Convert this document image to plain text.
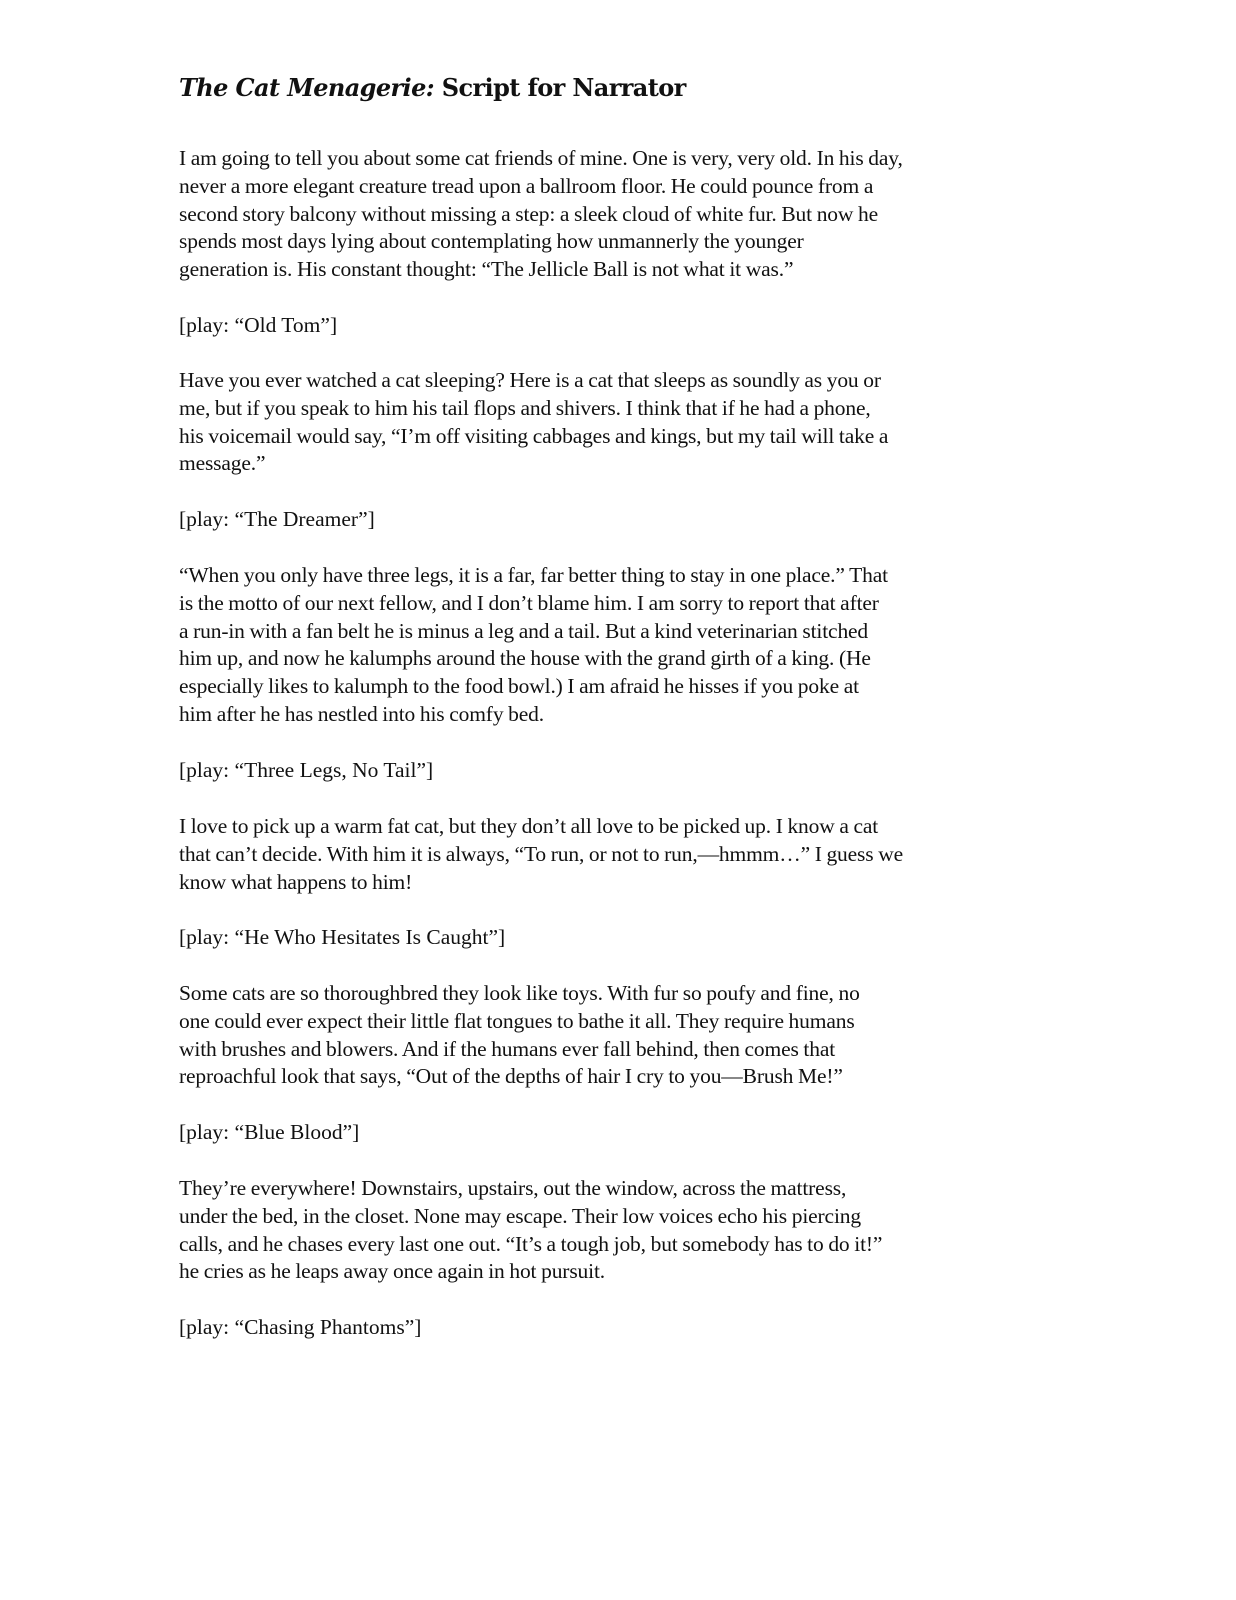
The Cat Menagerie: Script for Narrator
I am going to tell you about some cat friends of mine. One is very, very old. In his day,
never a more elegant creature tread upon a ballroom floor. He could pounce from a
second story balcony without missing a step: a sleek cloud of white fur. But now he
spends most days lying about contemplating how unmannerly the younger
generation is. His constant thought: “The Jellicle Ball is not what it was.”
[play: “Old Tom”]
Have you ever watched a cat sleeping? Here is a cat that sleeps as soundly as you or
me, but if you speak to him his tail flops and shivers. I think that if he had a phone,
his voicemail would say, “I’m off visiting cabbages and kings, but my tail will take a
message.”
[play: “The Dreamer”]
“When you only have three legs, it is a far, far better thing to stay in one place.” That
is the motto of our next fellow, and I don’t blame him. I am sorry to report that after
a run-in with a fan belt he is minus a leg and a tail. But a kind veterinarian stitched
him up, and now he kalumphs around the house with the grand girth of a king. (He
especially likes to kalumph to the food bowl.) I am afraid he hisses if you poke at
him after he has nestled into his comfy bed.
[play: “Three Legs, No Tail”]
I love to pick up a warm fat cat, but they don’t all love to be picked up. I know a cat
that can’t decide. With him it is always, “To run, or not to run,—hmmm…” I guess we
know what happens to him!
[play: “He Who Hesitates Is Caught”]
Some cats are so thoroughbred they look like toys. With fur so poufy and fine, no
one could ever expect their little flat tongues to bathe it all. They require humans
with brushes and blowers. And if the humans ever fall behind, then comes that
reproachful look that says, “Out of the depths of hair I cry to you—Brush Me!”
[play: “Blue Blood”]
They’re everywhere! Downstairs, upstairs, out the window, across the mattress,
under the bed, in the closet. None may escape. Their low voices echo his piercing
calls, and he chases every last one out. “It’s a tough job, but somebody has to do it!”
he cries as he leaps away once again in hot pursuit.
[play: “Chasing Phantoms”]
